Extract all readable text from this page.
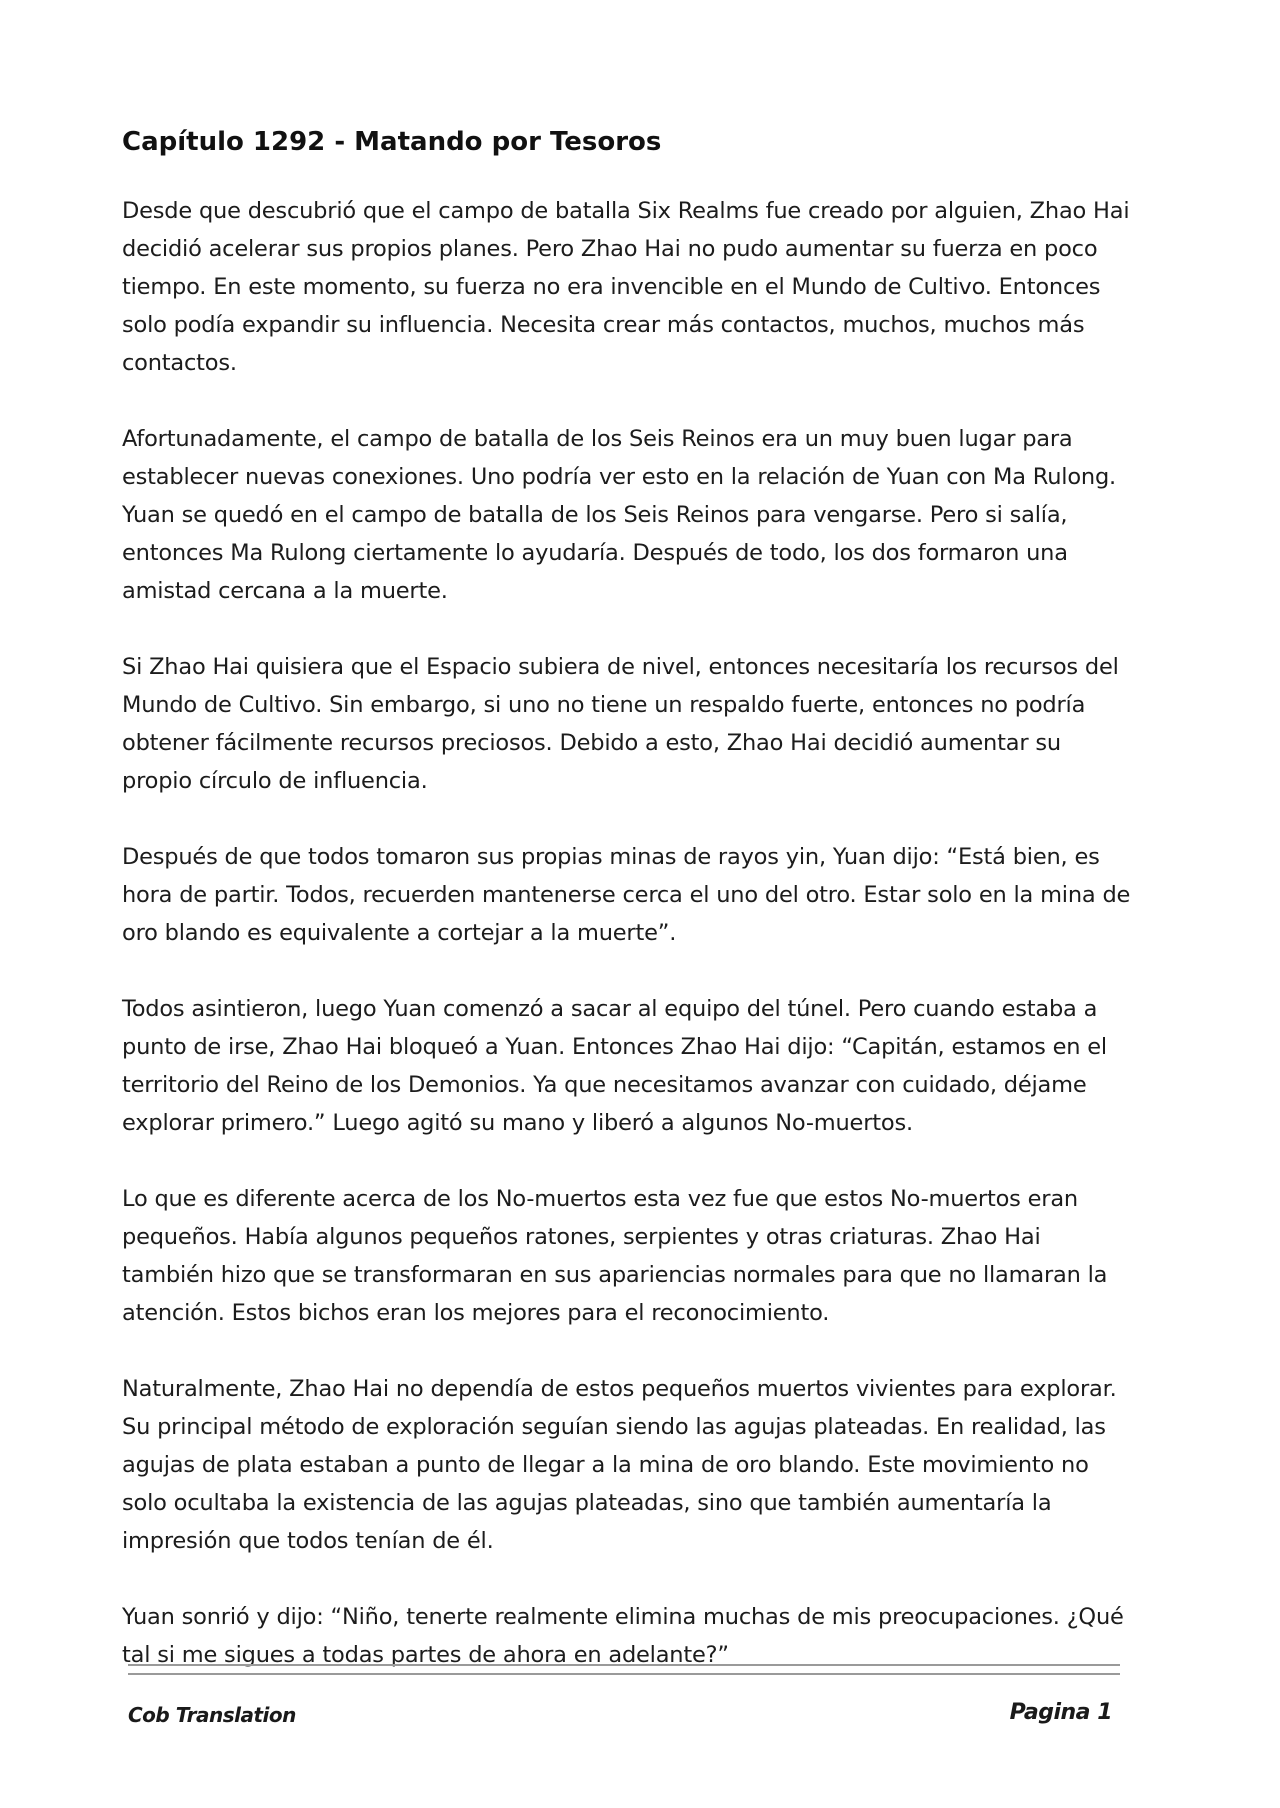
Capítulo 1292 - Matando por Tesoros

Desde que descubrió que el campo de batalla Six Realms fue creado por alguien, Zhao Hai decidió acelerar sus propios planes. Pero Zhao Hai no pudo aumentar su fuerza en poco tiempo. En este momento, su fuerza no era invencible en el Mundo de Cultivo. Entonces solo podía expandir su influencia. Necesita crear más contactos, muchos, muchos más contactos.

Afortunadamente, el campo de batalla de los Seis Reinos era un muy buen lugar para establecer nuevas conexiones. Uno podría ver esto en la relación de Yuan con Ma Rulong. Yuan se quedó en el campo de batalla de los Seis Reinos para vengarse. Pero si salía, entonces Ma Rulong ciertamente lo ayudaría. Después de todo, los dos formaron una amistad cercana a la muerte.

Si Zhao Hai quisiera que el Espacio subiera de nivel, entonces necesitaría los recursos del Mundo de Cultivo. Sin embargo, si uno no tiene un respaldo fuerte, entonces no podría obtener fácilmente recursos preciosos. Debido a esto, Zhao Hai decidió aumentar su propio círculo de influencia.

Después de que todos tomaron sus propias minas de rayos yin, Yuan dijo: “Está bien, es hora de partir. Todos, recuerden mantenerse cerca el uno del otro. Estar solo en la mina de oro blando es equivalente a cortejar a la muerte”.

Todos asintieron, luego Yuan comenzó a sacar al equipo del túnel. Pero cuando estaba a punto de irse, Zhao Hai bloqueó a Yuan. Entonces Zhao Hai dijo: “Capitán, estamos en el territorio del Reino de los Demonios. Ya que necesitamos avanzar con cuidado, déjame explorar primero.” Luego agitó su mano y liberó a algunos No-muertos.

Lo que es diferente acerca de los No-muertos esta vez fue que estos No-muertos eran pequeños. Había algunos pequeños ratones, serpientes y otras criaturas. Zhao Hai también hizo que se transformaran en sus apariencias normales para que no llamaran la atención. Estos bichos eran los mejores para el reconocimiento.

Naturalmente, Zhao Hai no dependía de estos pequeños muertos vivientes para explorar. Su principal método de exploración seguían siendo las agujas plateadas. En realidad, las agujas de plata estaban a punto de llegar a la mina de oro blando. Este movimiento no solo ocultaba la existencia de las agujas plateadas, sino que también aumentaría la impresión que todos tenían de él.

Yuan sonrió y dijo: “Niño, tenerte realmente elimina muchas de mis preocupaciones. ¿Qué tal si me sigues a todas partes de ahora en adelante?”

Cob Translation	Pagina 1
